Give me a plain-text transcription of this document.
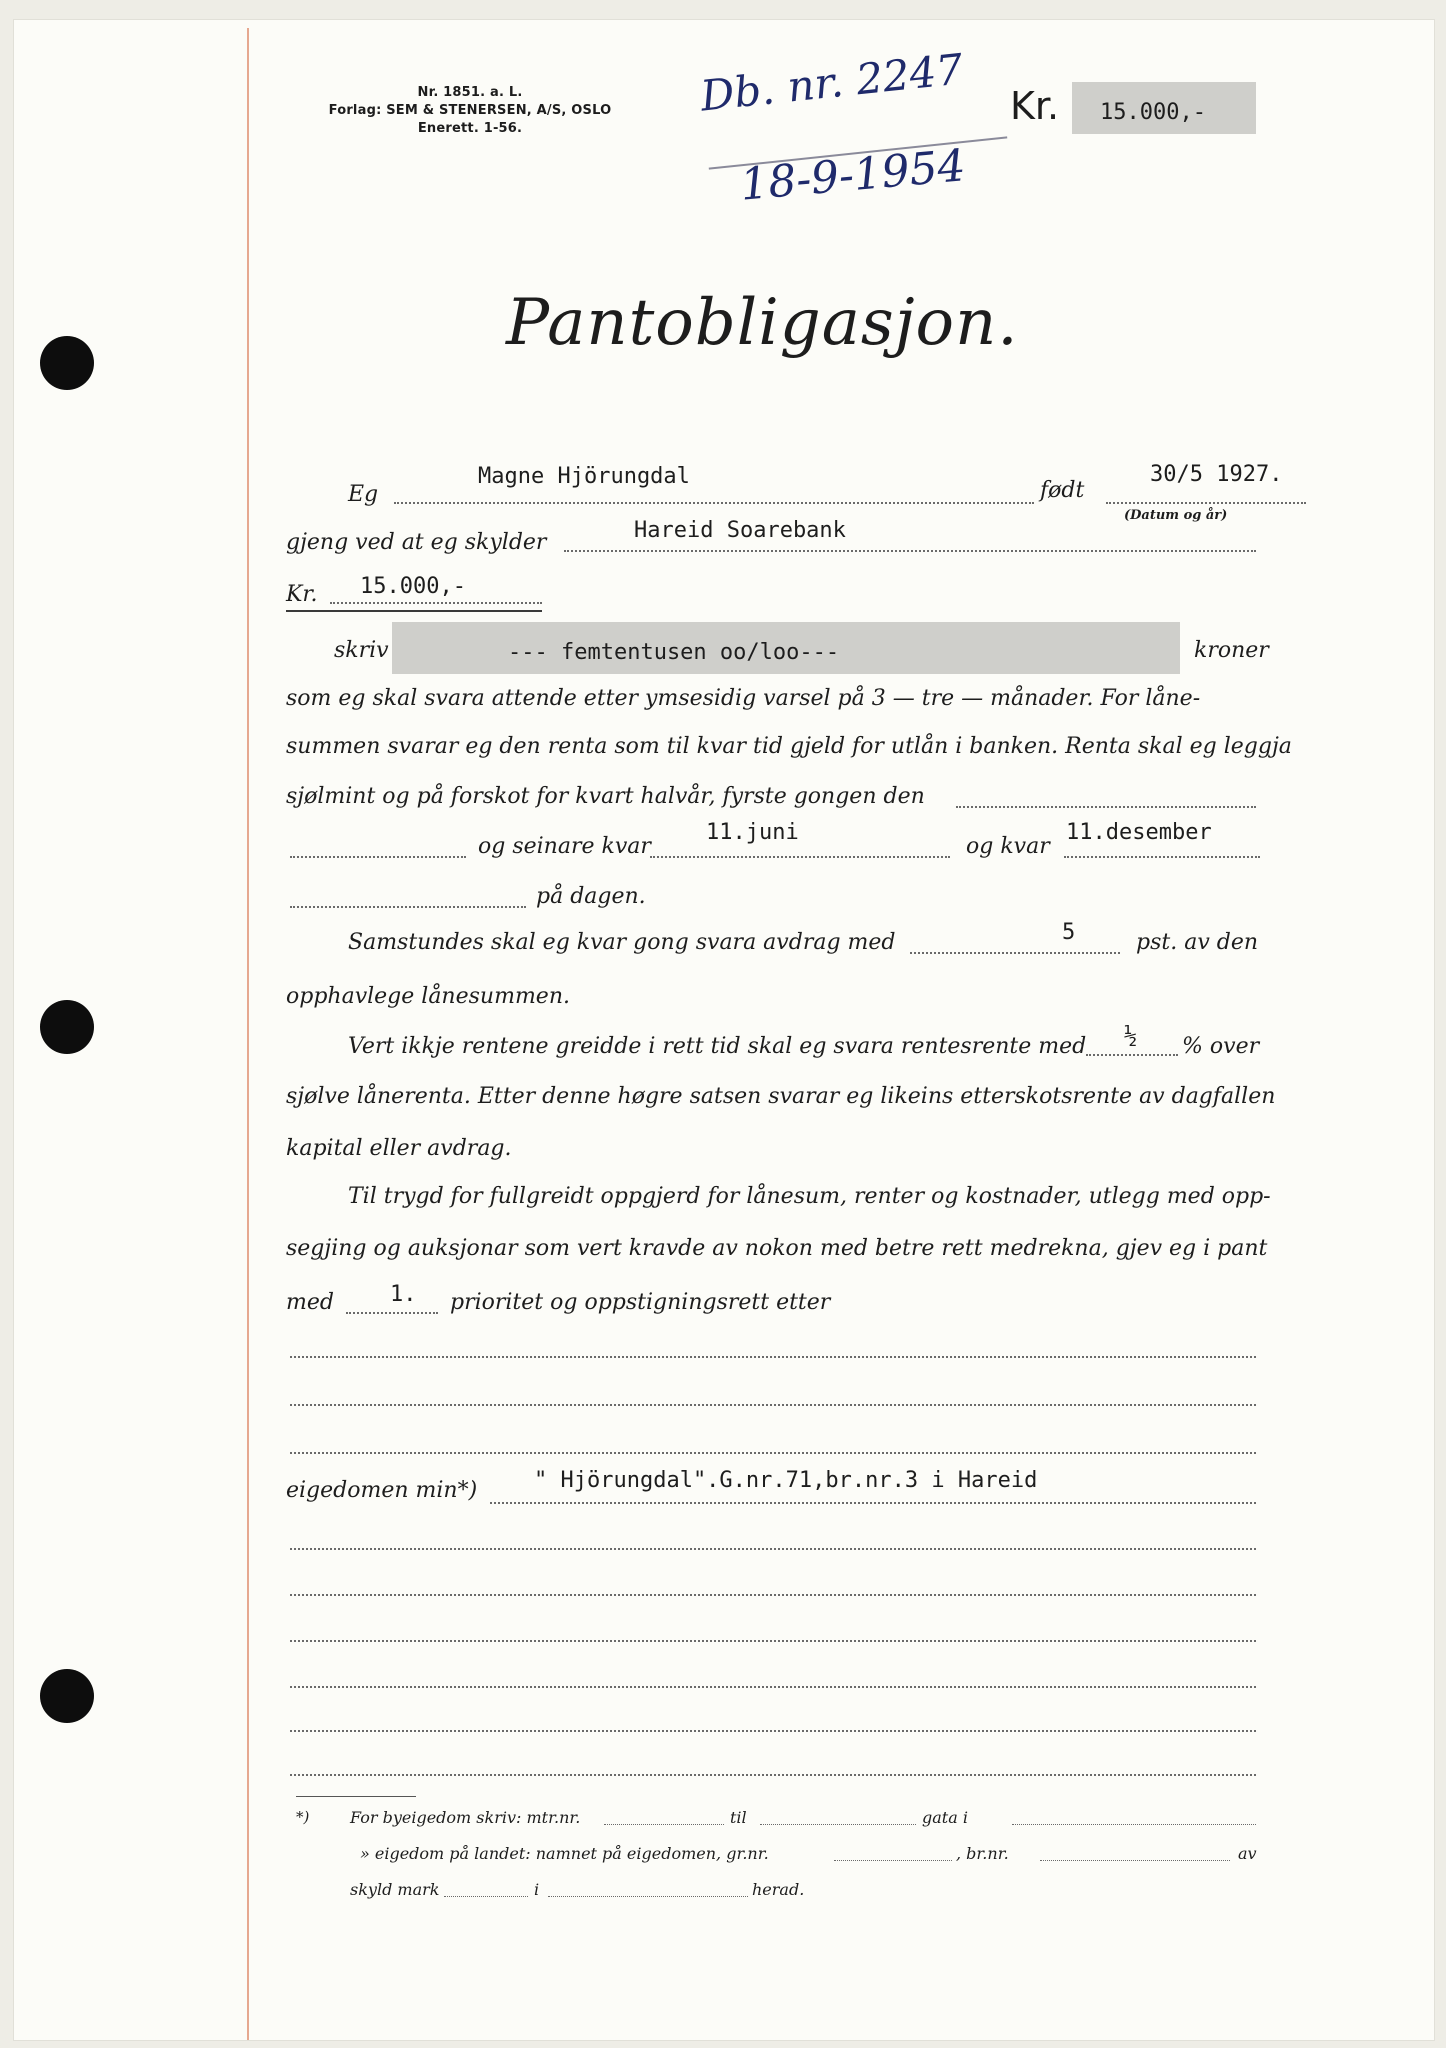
Nr. 1851. a. L.
Forlag: SEM & STENERSEN, A/S, OSLO
Enerett. 1-56.
Db. nr. 2247
18-9-1954
Kr. 15.000,-
Pantobligasjon.
Eg
Magne Hjörungdal
født
30/5 1927.
(Datum og år)
gjeng ved at eg skylder	Hareid Soarebank
Kr. 15.000,-
skriv	--- femtentusen oo/loo---	kroner
som eg skal svara attende etter ymsesidig varsel på 3 — tre — månader. For låne-
summen svarar eg den renta som til kvar tid gjeld for utlån i banken. Renta skal eg leggja
sjølmint og på forskot for kvart halvår, fyrste gongen den
og seinare kvar
11.juni
og kvar
11.desember
på dagen.
Samstundes skal eg kvar gong svara avdrag med	5	pst. av den
opphavlege lånesummen.
Vert ikkje rentene greidde i rett tid skal eg svara rentesrente med ½ % over
sjølve lånerenta. Etter denne høgre satsen svarar eg likeins etterskotsrente av dagfallen
kapital eller avdrag.
Til trygd for fullgreidt oppgjerd for lånesum, renter og kostnader, utlegg med opp-
segjing og auksjonar som vert kravde av nokon med betre rett medrekna, gjev eg i pant
med	1. prioritet og oppstigningsrett etter
eigedomen min*)	" Hjörungdal".G.nr.71,br.nr.3 i Hareid
*)	For byeigedom skriv: mtr.nr.	til	gata i
» eigedom på landet: namnet på eigedomen, gr.nr.	, br.nr.	av
skyld mark	i	herad.
